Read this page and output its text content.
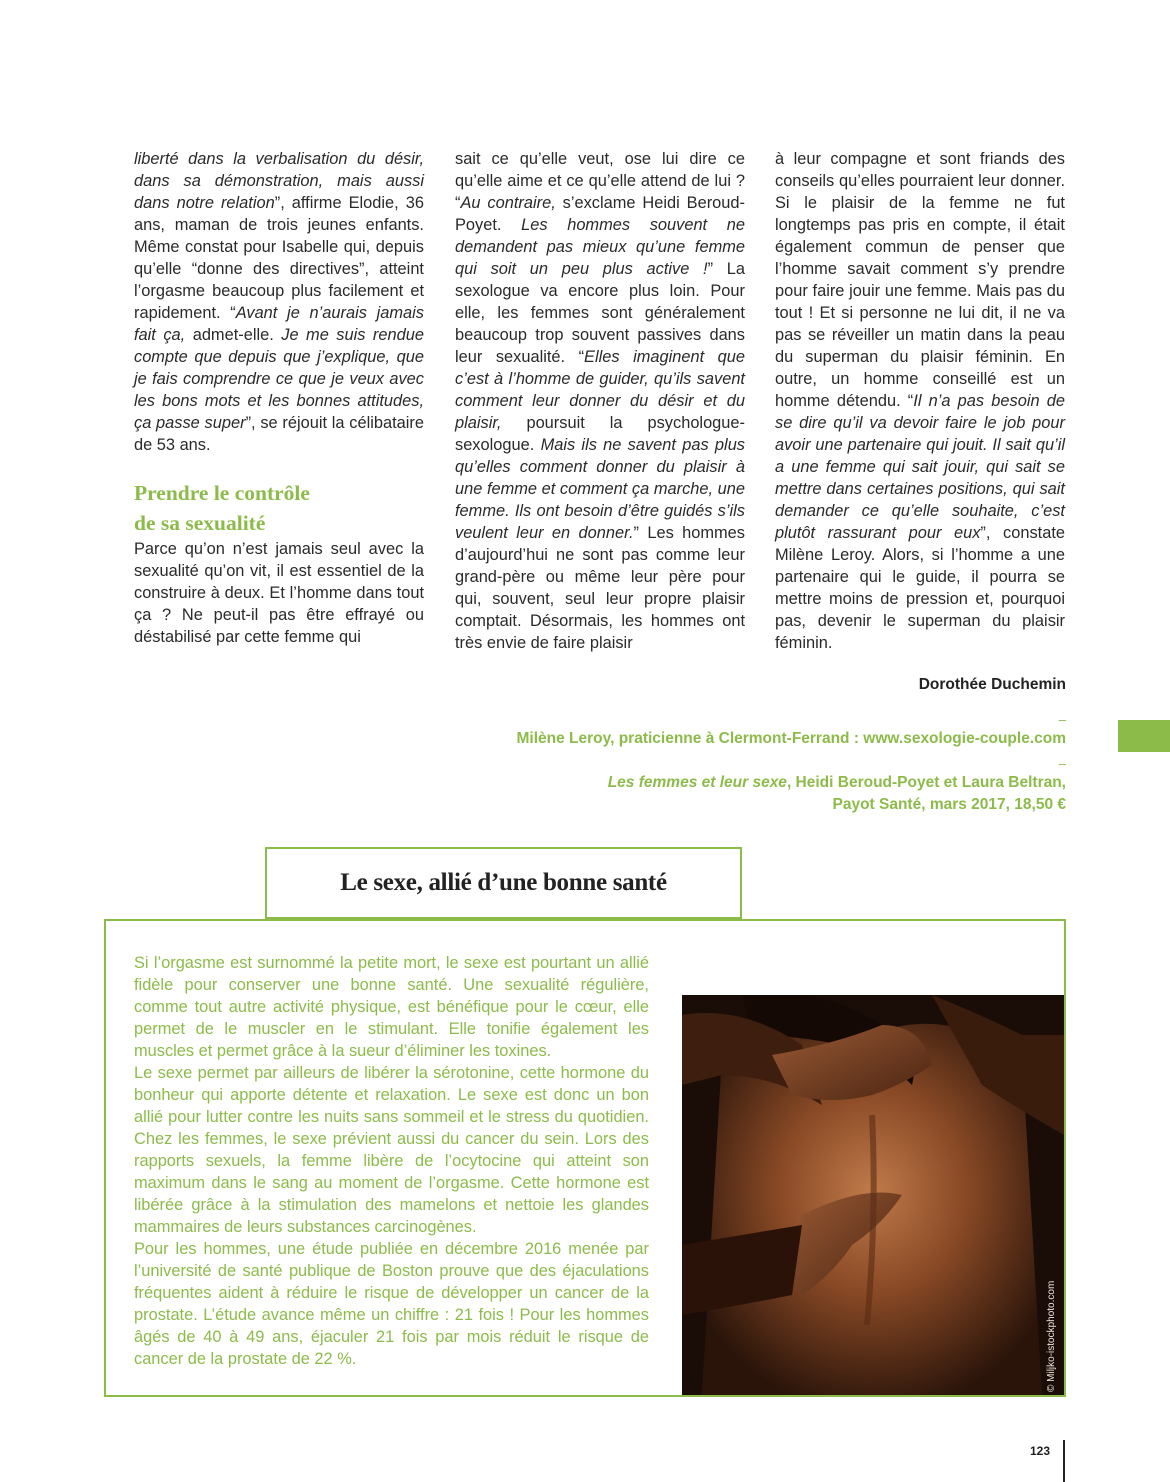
liberté dans la verbalisation du désir, dans sa démonstration, mais aussi dans notre relation”, affirme Elodie, 36 ans, maman de trois jeunes enfants. Même constat pour Isabelle qui, depuis qu’elle “donne des directives”, atteint l’orgasme beaucoup plus facilement et rapidement. “Avant je n’aurais jamais fait ça, admet-elle. Je me suis rendue compte que depuis que j’explique, que je fais comprendre ce que je veux avec les bons mots et les bonnes attitudes, ça passe super”, se réjouit la célibataire de 53 ans.

Prendre le contrôle
de sa sexualité

Parce qu’on n’est jamais seul avec la sexualité qu’on vit, il est essentiel de la construire à deux. Et l’homme dans tout ça ? Ne peut-il pas être effrayé ou déstabilisé par cette femme qui

sait ce qu’elle veut, ose lui dire ce qu’elle aime et ce qu’elle attend de lui ? “Au contraire, s’exclame Heidi Beroud-Poyet. Les hommes souvent ne demandent pas mieux qu’une femme qui soit un peu plus active !” La sexologue va encore plus loin. Pour elle, les femmes sont généralement beaucoup trop souvent passives dans leur sexualité. “Elles imaginent que c’est à l’homme de guider, qu’ils savent comment leur donner du désir et du plaisir, poursuit la psychologue-sexologue. Mais ils ne savent pas plus qu’elles comment donner du plaisir à une femme et comment ça marche, une femme. Ils ont besoin d’être guidés s’ils veulent leur en donner.” Les hommes d’aujourd’hui ne sont pas comme leur grand-père ou même leur père pour qui, souvent, seul leur propre plaisir comptait. Désormais, les hommes ont très envie de faire plaisir

à leur compagne et sont friands des conseils qu’elles pourraient leur donner. Si le plaisir de la femme ne fut longtemps pas pris en compte, il était également commun de penser que l’homme savait comment s’y prendre pour faire jouir une femme. Mais pas du tout ! Et si personne ne lui dit, il ne va pas se réveiller un matin dans la peau du superman du plaisir féminin. En outre, un homme conseillé est un homme détendu. “Il n’a pas besoin de se dire qu’il va devoir faire le job pour avoir une partenaire qui jouit. Il sait qu’il a une femme qui sait jouir, qui sait se mettre dans certaines positions, qui sait demander ce qu’elle souhaite, c’est plutôt rassurant pour eux”, constate Milène Leroy. Alors, si l’homme a une partenaire qui le guide, il pourra se mettre moins de pression et, pourquoi pas, devenir le superman du plaisir féminin.

Dorothée Duchemin
–
Milène Leroy, praticienne à Clermont-Ferrand : www.sexologie-couple.com
–
Les femmes et leur sexe, Heidi Beroud-Poyet et Laura Beltran,
Payot Santé, mars 2017, 18,50 €
Le sexe, allié d’une bonne santé

Si l’orgasme est surnommé la petite mort, le sexe est pourtant un allié fidèle pour conserver une bonne santé. Une sexualité régulière, comme tout autre activité physique, est bénéfique pour le cœur, elle permet de le muscler en le stimulant. Elle tonifie également les muscles et permet grâce à la sueur d’éliminer les toxines.

Le sexe permet par ailleurs de libérer la sérotonine, cette hormone du bonheur qui apporte détente et relaxation. Le sexe est donc un bon allié pour lutter contre les nuits sans sommeil et le stress du quotidien. Chez les femmes, le sexe prévient aussi du cancer du sein. Lors des rapports sexuels, la femme libère de l’ocytocine qui atteint son maximum dans le sang au moment de l’orgasme. Cette hormone est libérée grâce à la stimulation des mamelons et nettoie les glandes mammaires de leurs substances carcinogènes.

Pour les hommes, une étude publiée en décembre 2016 menée par l’université de santé publique de Boston prouve que des éjaculations fréquentes aident à réduire le risque de développer un cancer de la prostate. L’étude avance même un chiffre : 21 fois ! Pour les hommes âgés de 40 à 49 ans, éjaculer 21 fois par mois réduit le risque de cancer de la prostate de 22 %.	© Miljko-istockphoto.com
123
